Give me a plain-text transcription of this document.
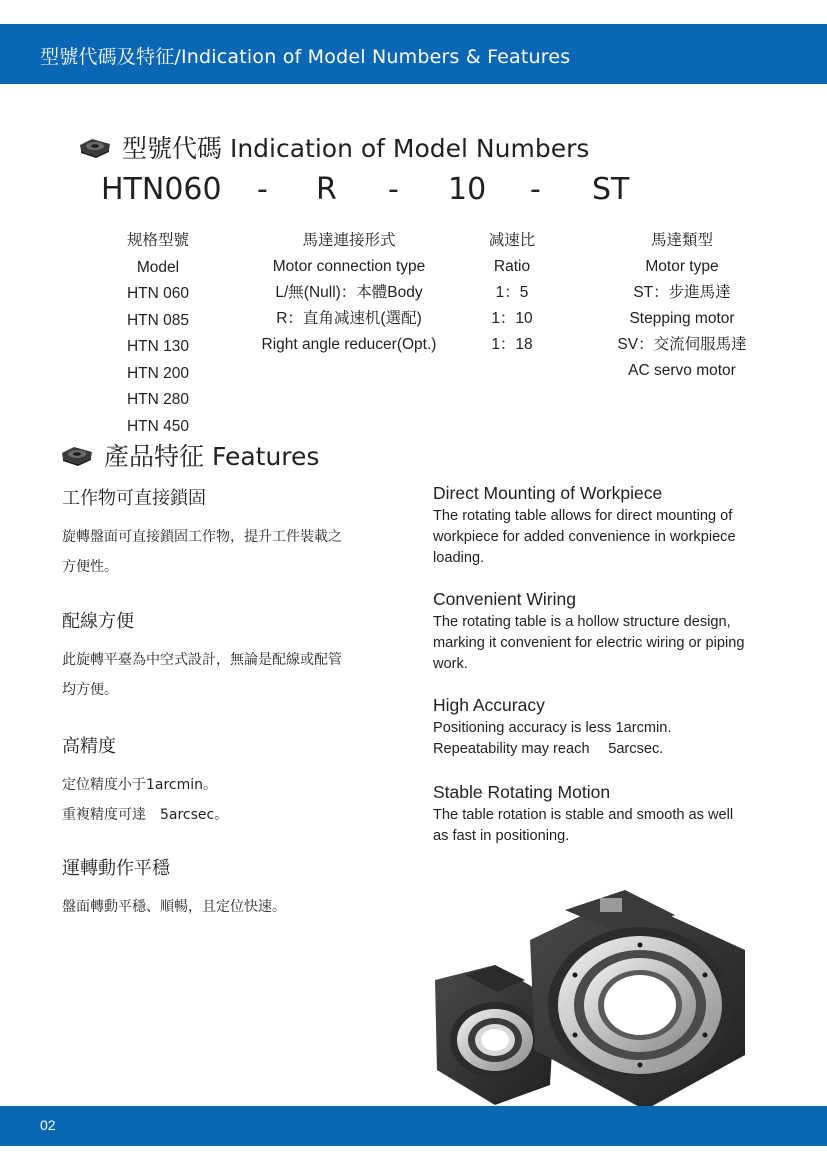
型號代碼及特征/Indication of Model Numbers & Features
型號代碼 Indication of Model Numbers
HTN060 - R - 10 - ST
规格型號
Model
HTN 060
HTN 085
HTN 130
HTN 200
HTN 280
HTN 450
馬達連接形式
Motor connection type
L/無(Null)：本體Body
R：直角减速机(選配)
Right angle reducer(Opt.)
减速比
Ratio
1：5
1：10
1：18
馬達類型
Motor type
ST：步進馬達
Stepping motor
SV：交流伺服馬達
AC servo motor
產品特征 Features
工作物可直接鎖固

旋轉盤面可直接鎖固工作物，提升工件裝載之

方便性。

配線方便

此旋轉平臺為中空式設計，無論是配線或配管

均方便。

高精度

定位精度小于1arcmin。

重複精度可達　5arcsec。

運轉動作平穩

盤面轉動平穩、順暢，且定位快速。

Direct Mounting of Workpiece

The rotating table allows for direct mounting of

workpiece for added convenience in workpiece

loading.

Convenient Wiring

The rotating table is a hollow structure design,

marking it convenient for electric wiring or piping

work.

High Accuracy

Positioning accuracy is less 1arcmin.

Repeatability may reach　 5arcsec.

Stable Rotating Motion

The table rotation is stable and smooth as well

as fast in positioning.

02
